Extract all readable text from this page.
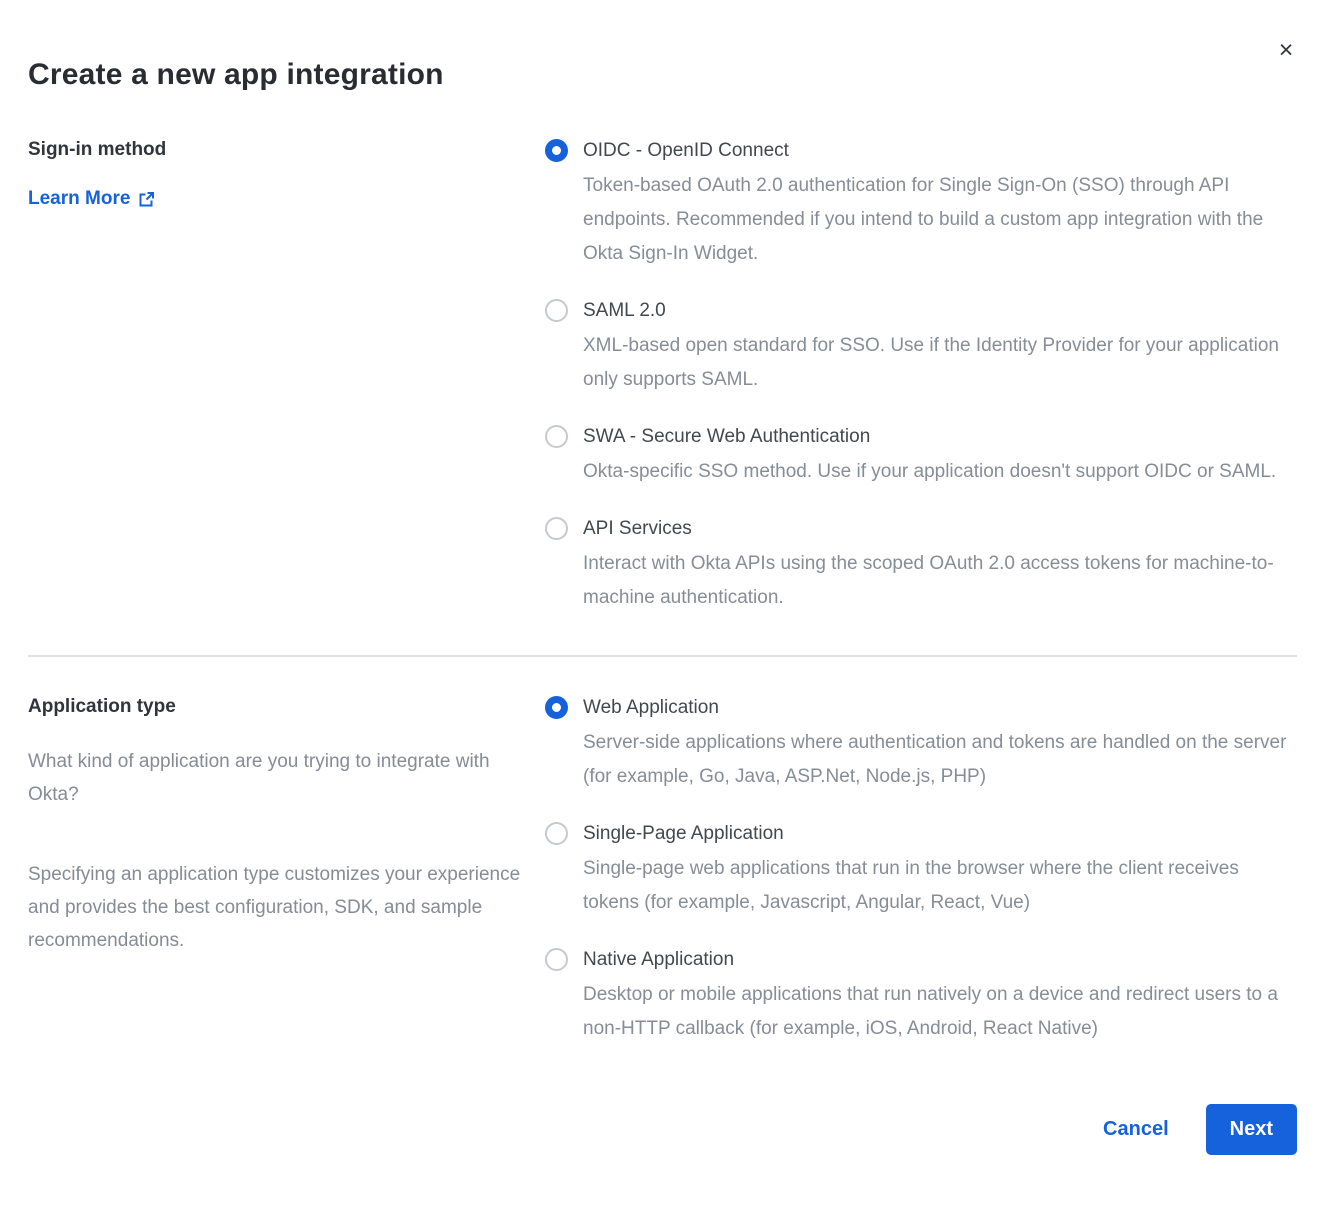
×
Create a new app integration
Sign-in method
Learn More
OIDC - OpenID Connect
Token-based OAuth 2.0 authentication for Single Sign-On (SSO) through API endpoints. Recommended if you intend to build a custom app integration with the Okta Sign-In Widget.
SAML 2.0
XML-based open standard for SSO. Use if the Identity Provider for your application only supports SAML.
SWA - Secure Web Authentication
Okta-specific SSO method. Use if your application doesn't support OIDC or SAML.
API Services
Interact with Okta APIs using the scoped OAuth 2.0 access tokens for machine-to-machine authentication.
Application type

What kind of application are you trying to integrate with Okta?

Specifying an application type customizes your experience and provides the best configuration, SDK, and sample recommendations.

Web Application
Server-side applications where authentication and tokens are handled on the server (for example, Go, Java, ASP.Net, Node.js, PHP)
Single-Page Application
Single-page web applications that run in the browser where the client receives tokens (for example, Javascript, Angular, React, Vue)
Native Application
Desktop or mobile applications that run natively on a device and redirect users to a non-HTTP callback (for example, iOS, Android, React Native)
Cancel	Next
